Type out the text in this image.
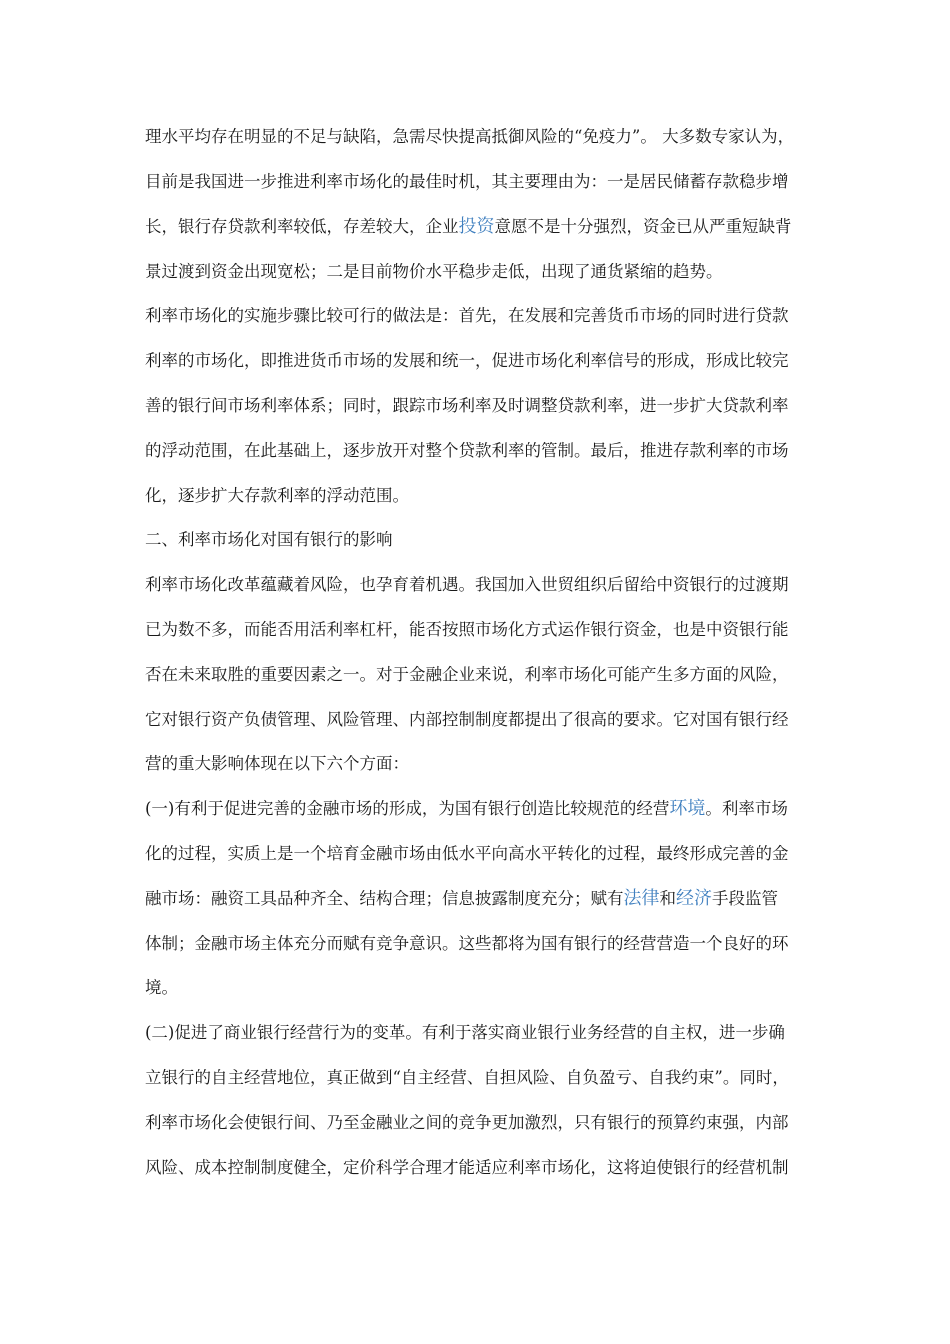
理水平均存在明显的不足与缺陷，急需尽快提高抵御风险的“免疫力”。 大多数专家认为，
目前是我国进一步推进利率市场化的最佳时机，其主要理由为：一是居民储蓄存款稳步增
长，银行存贷款利率较低，存差较大，企业投资意愿不是十分强烈，资金已从严重短缺背
景过渡到资金出现宽松；二是目前物价水平稳步走低，出现了通货紧缩的趋势。
利率市场化的实施步骤比较可行的做法是：首先，在发展和完善货币市场的同时进行贷款
利率的市场化，即推进货币市场的发展和统一，促进市场化利率信号的形成，形成比较完
善的银行间市场利率体系；同时，跟踪市场利率及时调整贷款利率，进一步扩大贷款利率
的浮动范围，在此基础上，逐步放开对整个贷款利率的管制。最后，推进存款利率的市场
化，逐步扩大存款利率的浮动范围。
二、利率市场化对国有银行的影响
利率市场化改革蕴藏着风险，也孕育着机遇。我国加入世贸组织后留给中资银行的过渡期
已为数不多，而能否用活利率杠杆，能否按照市场化方式运作银行资金，也是中资银行能
否在未来取胜的重要因素之一。对于金融企业来说，利率市场化可能产生多方面的风险，
它对银行资产负债管理、风险管理、内部控制制度都提出了很高的要求。它对国有银行经
营的重大影响体现在以下六个方面：
(一)有利于促进完善的金融市场的形成，为国有银行创造比较规范的经营环境。利率市场
化的过程，实质上是一个培育金融市场由低水平向高水平转化的过程，最终形成完善的金
融市场：融资工具品种齐全、结构合理；信息披露制度充分；赋有法律和经济手段监管
体制；金融市场主体充分而赋有竞争意识。这些都将为国有银行的经营营造一个良好的环
境。
(二)促进了商业银行经营行为的变革。有利于落实商业银行业务经营的自主权，进一步确
立银行的自主经营地位，真正做到“自主经营、自担风险、自负盈亏、自我约束”。同时，
利率市场化会使银行间、乃至金融业之间的竞争更加激烈，只有银行的预算约束强，内部
风险、成本控制制度健全，定价科学合理才能适应利率市场化，这将迫使银行的经营机制
